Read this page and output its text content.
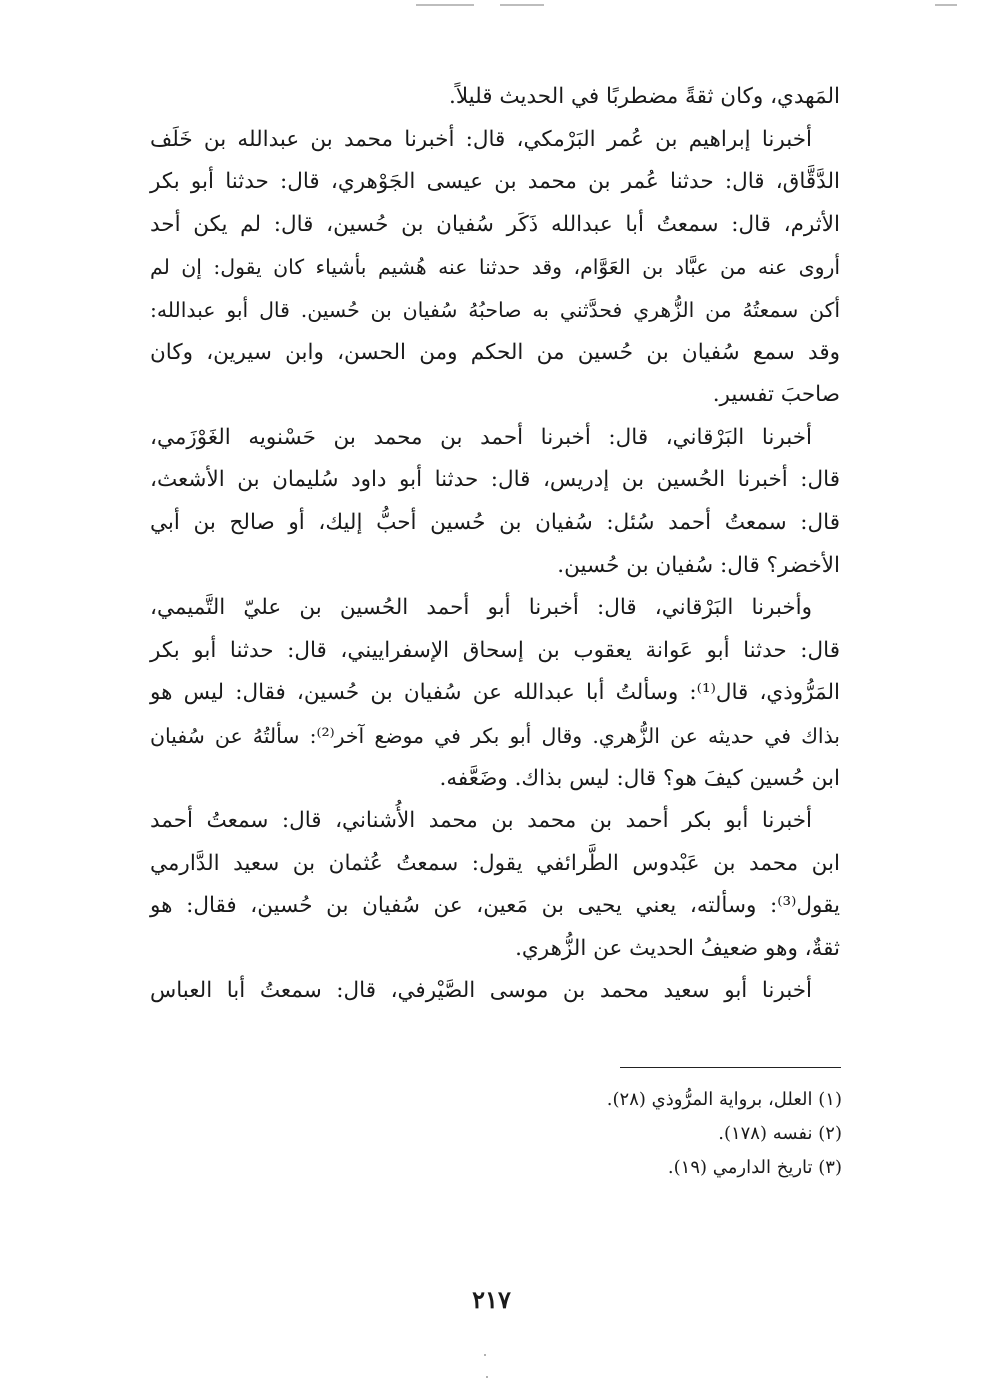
المَهدي، وكان ثقةً مضطربًا في الحديث قليلاً.
أخبرنا إبراهيم بن عُمر البَرْمكي، قال: أخبرنا محمد بن عبدالله بن خَلَف
الدَّقَّاق، قال: حدثنا عُمر بن محمد بن عيسى الجَوْهري، قال: حدثنا أبو بكر
الأثرم، قال: سمعتُ أبا عبدالله ذَكَر سُفيان بن حُسين، قال: لم يكن أحد
أروى عنه من عبَّاد بن العَوَّام، وقد حدثنا عنه هُشيم بأشياء كان يقول: إن لم
أكن سمعتُهُ من الزُّهري فحدَّثني به صاحبُهُ سُفيان بن حُسين. قال أبو عبدالله:
وقد سمع سُفيان بن حُسين من الحكم ومن الحسن، وابن سيرين، وكان
صاحبَ تفسير.
أخبرنا البَرْقاني، قال: أخبرنا أحمد بن محمد بن حَسْنويه الغَوْزَمي،
قال: أخبرنا الحُسين بن إدريس، قال: حدثنا أبو داود سُليمان بن الأشعث،
قال: سمعتُ أحمد سُئل: سُفيان بن حُسين أحبُّ إليك، أو صالح بن أبي
الأخضر؟ قال: سُفيان بن حُسين.
وأخبرنا البَرْقاني، قال: أخبرنا أبو أحمد الحُسين بن عليّ التَّميمي،
قال: حدثنا أبو عَوانة يعقوب بن إسحاق الإسفراييني، قال: حدثنا أبو بكر
المَرُّوذي، قال⁽¹⁾: وسألتُ أبا عبدالله عن سُفيان بن حُسين، فقال: ليس هو
بذاك في حديثه عن الزُّهري. وقال أبو بكر في موضع آخر⁽²⁾: سألتُهُ عن سُفيان
ابن حُسين كيفَ هو؟ قال: ليس بذاك. وضَعَّفه.
أخبرنا أبو بكر أحمد بن محمد بن محمد الأُشناني، قال: سمعتُ أحمد
ابن محمد بن عَبْدوس الطَّرائفي يقول: سمعتُ عُثمان بن سعيد الدَّارمي
يقول⁽³⁾: وسألته، يعني يحيى بن مَعين، عن سُفيان بن حُسين، فقال: هو
ثقةٌ، وهو ضعيفُ الحديث عن الزُّهري.
أخبرنا أبو سعيد محمد بن موسى الصَّيْرفي، قال: سمعتُ أبا العباس
(١) العلل، برواية المرُّوذي (٢٨).
(٢) نفسه (١٧٨).
(٣) تاريخ الدارمي (١٩).
٢١٧
